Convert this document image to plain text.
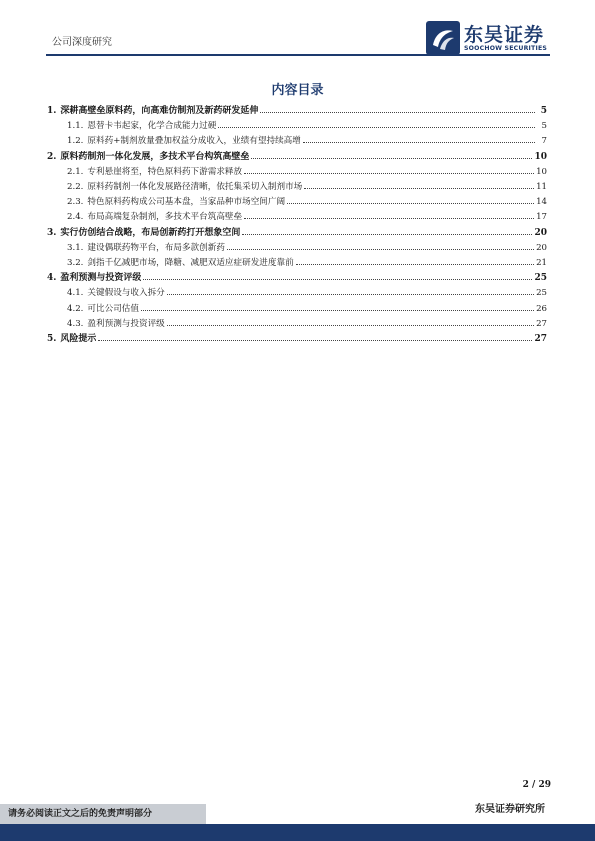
公司深度研究	东吴证券
SOOCHOW SECURITIES
内容目录
1. 深耕高壁垒原料药，向高难仿制剂及新药研发延伸	5
1.1. 恩替卡韦起家，化学合成能力过硬	5
1.2. 原料药+制剂放量叠加权益分成收入，业绩有望持续高增	7
2. 原料药制剂一体化发展，多技术平台构筑高壁垒	10
2.1. 专利悬崖将至，特色原料药下游需求释放	10
2.2. 原料药制剂一体化发展路径清晰，依托集采切入制剂市场	11
2.3. 特色原料药构成公司基本盘，当家品种市场空间广阔	14
2.4. 布局高端复杂制剂，多技术平台筑高壁垒	17
3. 实行仿创结合战略，布局创新药打开想象空间	20
3.1. 建设偶联药物平台，布局多款创新药	20
3.2. 剑指千亿减肥市场，降糖、减肥双适应症研发进度靠前	21
4. 盈利预测与投资评级	25
4.1. 关键假设与收入拆分	25
4.2. 可比公司估值	26
4.3. 盈利预测与投资评级	27
5. 风险提示	27
2 / 29
东吴证券研究所
请务必阅读正文之后的免责声明部分
